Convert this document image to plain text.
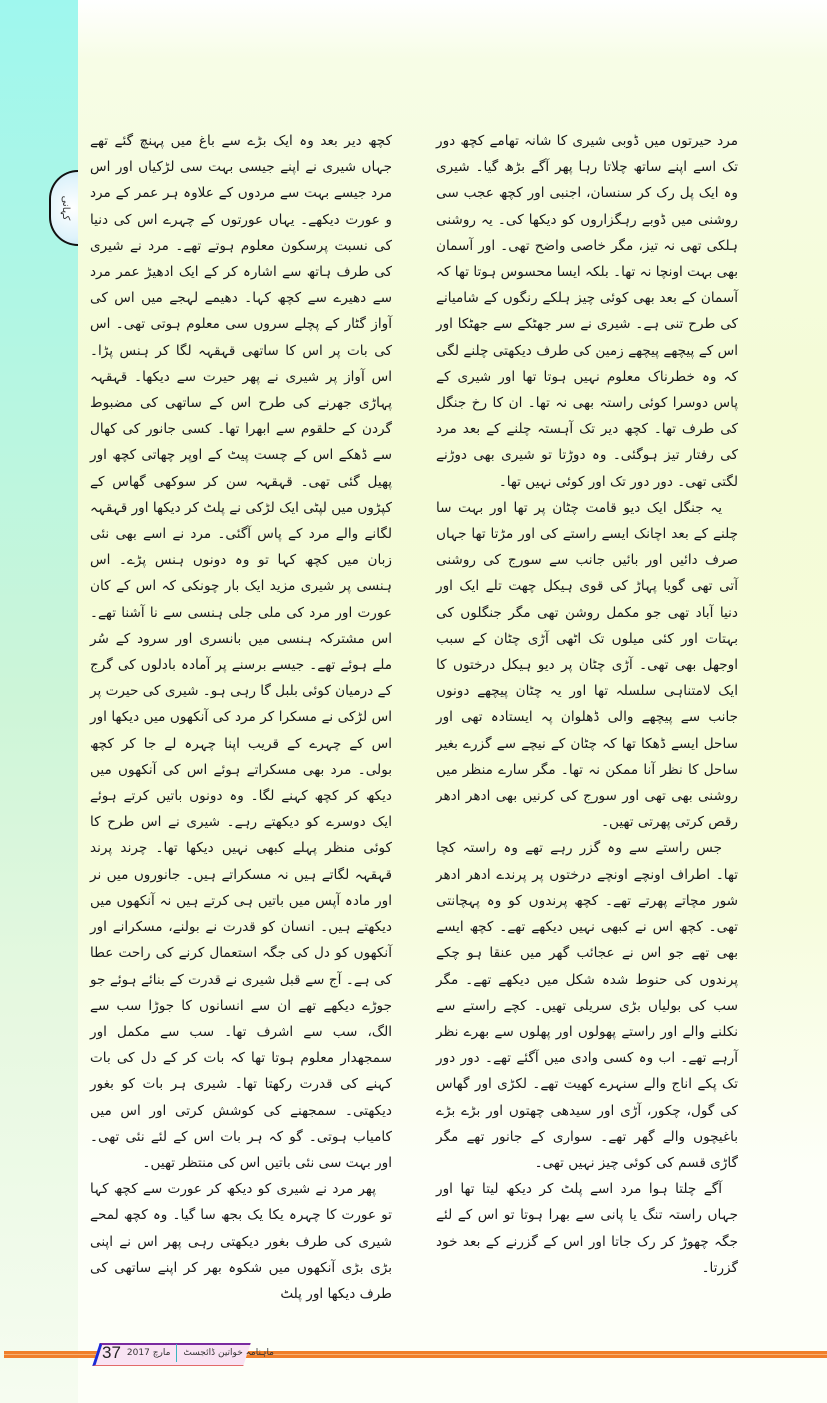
کہانی

مرد حیرتوں میں ڈوبی شیری کا شانہ تھامے کچھ دور تک اسے اپنے ساتھ چلاتا رہا پھر آگے بڑھ گیا۔ شیری وہ ایک پل رک کر سنسان، اجنبی اور کچھ عجب سی روشنی میں ڈوبے رہگزاروں کو دیکھا کی۔ یہ روشنی ہلکی تھی نہ تیز، مگر خاصی واضح تھی۔ اور آسمان بھی بہت اونچا نہ تھا۔ بلکہ ایسا محسوس ہوتا تھا کہ آسمان کے بعد بھی کوئی چیز ہلکے رنگوں کے شامیانے کی طرح تنی ہے۔ شیری نے سر جھٹکے سے جھٹکا اور اس کے پیچھے پیچھے زمین کی طرف دیکھتی چلنے لگی کہ وہ خطرناک معلوم نہیں ہوتا تھا اور شیری کے پاس دوسرا کوئی راستہ بھی نہ تھا۔ ان کا رخ جنگل کی طرف تھا۔ کچھ دیر تک آہستہ چلنے کے بعد مرد کی رفتار تیز ہوگئی۔ وہ دوڑتا تو شیری بھی دوڑنے لگتی تھی۔ دور دور تک اور کوئی نہیں تھا۔

یہ جنگل ایک دیو قامت چٹان پر تھا اور بہت سا چلنے کے بعد اچانک ایسے راستے کی اور مڑتا تھا جہاں صرف دائیں اور بائیں جانب سے سورج کی روشنی آتی تھی گویا پہاڑ کی قوی ہیکل چھت تلے ایک اور دنیا آباد تھی جو مکمل روشن تھی مگر جنگلوں کی بہتات اور کئی میلوں تک اٹھی آڑی چٹان کے سبب اوجھل بھی تھی۔ آڑی چٹان پر دیو ہیکل درختوں کا ایک لامتناہی سلسلہ تھا اور یہ چٹان پیچھے دونوں جانب سے پیچھے والی ڈھلوان پہ ایستادہ تھی اور ساحل ایسے ڈھکا تھا کہ چٹان کے نیچے سے گزرے بغیر ساحل کا نظر آنا ممکن نہ تھا۔ مگر سارے منظر میں روشنی بھی تھی اور سورج کی کرنیں بھی ادھر ادھر رقص کرتی پھرتی تھیں۔

جس راستے سے وہ گزر رہے تھے وہ راستہ کچا تھا۔ اطراف اونچے اونچے درختوں پر پرندے ادھر ادھر شور مچاتے پھرتے تھے۔ کچھ پرندوں کو وہ پہچانتی تھی۔ کچھ اس نے کبھی نہیں دیکھے تھے۔ کچھ ایسے بھی تھے جو اس نے عجائب گھر میں عنقا ہو چکے پرندوں کی حنوط شدہ شکل میں دیکھے تھے۔ مگر سب کی بولیاں بڑی سریلی تھیں۔ کچے راستے سے نکلنے والے اور راستے پھولوں اور پھلوں سے بھرے نظر آرہے تھے۔ اب وہ کسی وادی میں آگئے تھے۔ دور دور تک پکے اناج والے سنہرے کھیت تھے۔ لکڑی اور گھاس کی گول، چکور، آڑی اور سیدھی چھتوں اور بڑے بڑے باغیچوں والے گھر تھے۔ سواری کے جانور تھے مگر گاڑی قسم کی کوئی چیز نہیں تھی۔

آگے چلتا ہوا مرد اسے پلٹ کر دیکھ لیتا تھا اور جہاں راستہ تنگ یا پانی سے بھرا ہوتا تو اس کے لئے جگہ چھوڑ کر رک جاتا اور اس کے گزرنے کے بعد خود گزرتا۔

کچھ دیر بعد وہ ایک بڑے سے باغ میں پہنچ گئے تھے جہاں شیری نے اپنے جیسی بہت سی لڑکیاں اور اس مرد جیسے بہت سے مردوں کے علاوہ ہر عمر کے مرد و عورت دیکھے۔ یہاں عورتوں کے چہرے اس کی دنیا کی نسبت پرسکون معلوم ہوتے تھے۔ مرد نے شیری کی طرف ہاتھ سے اشارہ کر کے ایک ادھیڑ عمر مرد سے دھیرے سے کچھ کہا۔ دھیمے لہجے میں اس کی آواز گٹار کے پچلے سروں سی معلوم ہوتی تھی۔ اس کی بات پر اس کا ساتھی قہقہہ لگا کر ہنس پڑا۔ اس آواز پر شیری نے پھر حیرت سے دیکھا۔ قہقہہ پہاڑی جھرنے کی طرح اس کے ساتھی کی مضبوط گردن کے حلقوم سے ابھرا تھا۔ کسی جانور کی کھال سے ڈھکے اس کے چست پیٹ کے اوپر چھاتی کچھ اور پھیل گئی تھی۔ قہقہہ سن کر سوکھی گھاس کے کپڑوں میں لپٹی ایک لڑکی نے پلٹ کر دیکھا اور قہقہہ لگانے والے مرد کے پاس آگئی۔ مرد نے اسے بھی نئی زبان میں کچھ کہا تو وہ دونوں ہنس پڑے۔ اس ہنسی پر شیری مزید ایک بار چونکی کہ اس کے کان عورت اور مرد کی ملی جلی ہنسی سے نا آشنا تھے۔ اس مشترکہ ہنسی میں بانسری اور سرود کے سُر ملے ہوئے تھے۔ جیسے برسنے پر آمادہ بادلوں کی گرج کے درمیان کوئی بلبل گا رہی ہو۔ شیری کی حیرت پر اس لڑکی نے مسکرا کر مرد کی آنکھوں میں دیکھا اور اس کے چہرے کے قریب اپنا چہرہ لے جا کر کچھ بولی۔ مرد بھی مسکراتے ہوئے اس کی آنکھوں میں دیکھ کر کچھ کہنے لگا۔ وہ دونوں باتیں کرتے ہوئے ایک دوسرے کو دیکھتے رہے۔ شیری نے اس طرح کا کوئی منظر پہلے کبھی نہیں دیکھا تھا۔ چرند پرند قہقہہ لگاتے ہیں نہ مسکراتے ہیں۔ جانوروں میں نر اور مادہ آپس میں باتیں ہی کرتے ہیں نہ آنکھوں میں دیکھتے ہیں۔ انسان کو قدرت نے بولنے، مسکرانے اور آنکھوں کو دل کی جگہ استعمال کرنے کی راحت عطا کی ہے۔ آج سے قبل شیری نے قدرت کے بنائے ہوئے جو جوڑے دیکھے تھے ان سے انسانوں کا جوڑا سب سے الگ، سب سے اشرف تھا۔ سب سے مکمل اور سمجھدار معلوم ہوتا تھا کہ بات کر کے دل کی بات کہنے کی قدرت رکھتا تھا۔ شیری ہر بات کو بغور دیکھتی۔ سمجھنے کی کوشش کرتی اور اس میں کامیاب ہوتی۔ گو کہ ہر بات اس کے لئے نئی تھی۔ اور بہت سی نئی باتیں اس کی منتظر تھیں۔

پھر مرد نے شیری کو دیکھ کر عورت سے کچھ کہا تو عورت کا چہرہ یکا یک بجھ سا گیا۔ وہ کچھ لمحے شیری کی طرف بغور دیکھتی رہی پھر اس نے اپنی بڑی بڑی آنکھوں میں شکوہ بھر کر اپنے ساتھی کی طرف دیکھا اور پلٹ

37 مارچ 2017 ماہنامہ خواتین ڈائجسٹ
